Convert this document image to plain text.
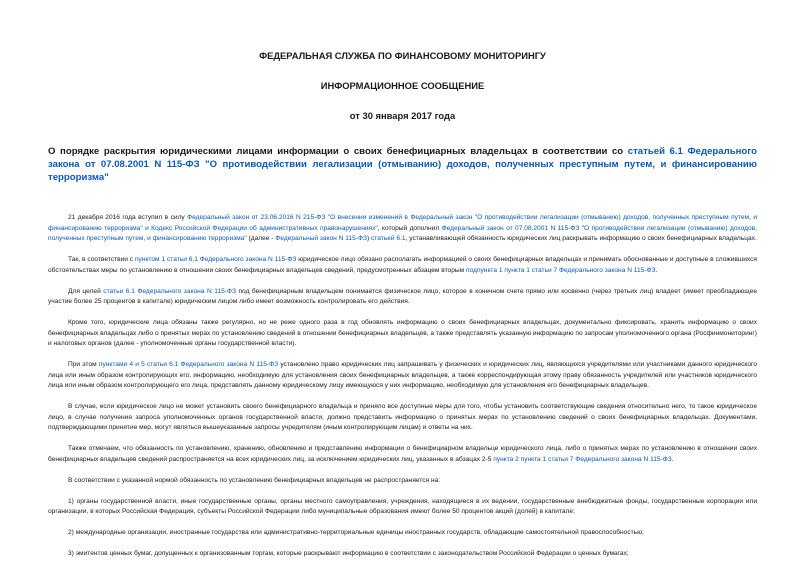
ФЕДЕРАЛЬНАЯ СЛУЖБА ПО ФИНАНСОВОМУ МОНИТОРИНГУ

ИНФОРМАЦИОННОЕ СООБЩЕНИЕ

от 30 января 2017 года

О порядке раскрытия юридическими лицами информации о своих бенефициарных владельцах в соответствии со статьей 6.1 Федерального закона от 07.08.2001 N 115-ФЗ "О противодействии легализации (отмыванию) доходов, полученных преступным путем, и финансированию терроризма"

21 декабря 2016 года вступил в силу Федеральный закон от 23.06.2016 N 215-ФЗ "О внесении изменений в Федеральный закон "О противодействии легализации (отмыванию) доходов, полученных преступным путем, и финансированию терроризма" и Кодекс Российской Федерации об административных правонарушениях", который дополнил Федеральный закон от 07.08.2001 N 115-ФЗ "О противодействии легализации (отмыванию) доходов, полученных преступным путем, и финансированию терроризма" (далее - Федеральный закон N 115-ФЗ) статьей 6.1, устанавливающей обязанность юридических лиц раскрывать информацию о своих бенефициарных владельцах.

Так, в соответствии с пунктом 1 статьи 6.1 Федерального закона N 115-ФЗ юридическое лицо обязано располагать информацией о своих бенефициарных владельцах и принимать обоснованные и доступные в сложившихся обстоятельствах меры по установлению в отношении своих бенефициарных владельцев сведений, предусмотренных абзацем вторым подпункта 1 пункта 1 статьи 7 Федерального закона N 115-ФЗ.

Для целей статьи 6.1 Федерального закона N 115-ФЗ под бенефициарным владельцем понимается физическое лицо, которое в конечном счете прямо или косвенно (через третьих лиц) владеет (имеет преобладающее участие более 25 процентов в капитале) юридическим лицом либо имеет возможность контролировать его действия.

Кроме того, юридические лица обязаны также регулярно, но не реже одного раза в год обновлять информацию о своих бенефициарных владельцах, документально фиксировать, хранить информацию о своих бенефициарных владельцах либо о принятых мерах по установлению сведений в отношении бенефициарных владельцев, а также представлять указанную информацию по запросам уполномоченного органа (Росфинмониторинг) и налоговых органов (далее - уполномоченные органы государственной власти).

При этом пунктами 4 и 5 статьи 6.1 Федерального закона N 115-ФЗ установлено право юридических лиц запрашивать у физических и юридических лиц, являющихся учредителями или участниками данного юридического лица или иным образом контролирующих его, информацию, необходимую для установления своих бенефициарных владельцев, а также корреспондирующая этому праву обязанность учредителей или участников юридического лица или иным образом контролирующего его лица, представлять данному юридическому лицу имеющуюся у них информацию, необходимую для установления его бенефициарных владельцев.

В случае, если юридическое лицо не может установить своего бенефициарного владельца и приняло все доступные меры для того, чтобы установить соответствующие сведения относительно него, то такое юридическое лицо, в случае получения запроса уполномоченных органов государственной власти, должно представить информацию о принятых мерах по установлению сведений о своих бенефициарных владельцах. Документами, подтверждающими принятие мер, могут являться вышеуказанные запросы учредителям (иным контролирующим лицам) и ответы на них.

Также отмечаем, что обязанность по установлению, хранению, обновлению и представлению информации о бенефициарном владельце юридического лица, либо о принятых мерах по установлению в отношении своих бенефициарных владельцев сведений распространяется на всех юридических лиц, за исключением юридических лиц, указанных в абзацах 2-5 пункта 2 пункта 1 статьи 7 Федерального закона N 115-ФЗ.

В соответствии с указанной нормой обязанность по установлению бенефициарных владельцев не распространяется на:

1) органы государственной власти, иные государственные органы, органы местного самоуправления, учреждения, находящиеся в их ведении, государственные внебюджетные фонды, государственные корпорации или организации, в которых Российская Федерация, субъекты Российской Федерации либо муниципальные образования имеют более 50 процентов акций (долей) в капитале;

2) международные организации, иностранные государства или административно-территориальные единицы иностранных государств, обладающие самостоятельной правоспособностью;

3) эмитентов ценных бумаг, допущенных к организованным торгам, которые раскрывают информацию в соответствии с законодательством Российской Федерации о ценных бумагах;
